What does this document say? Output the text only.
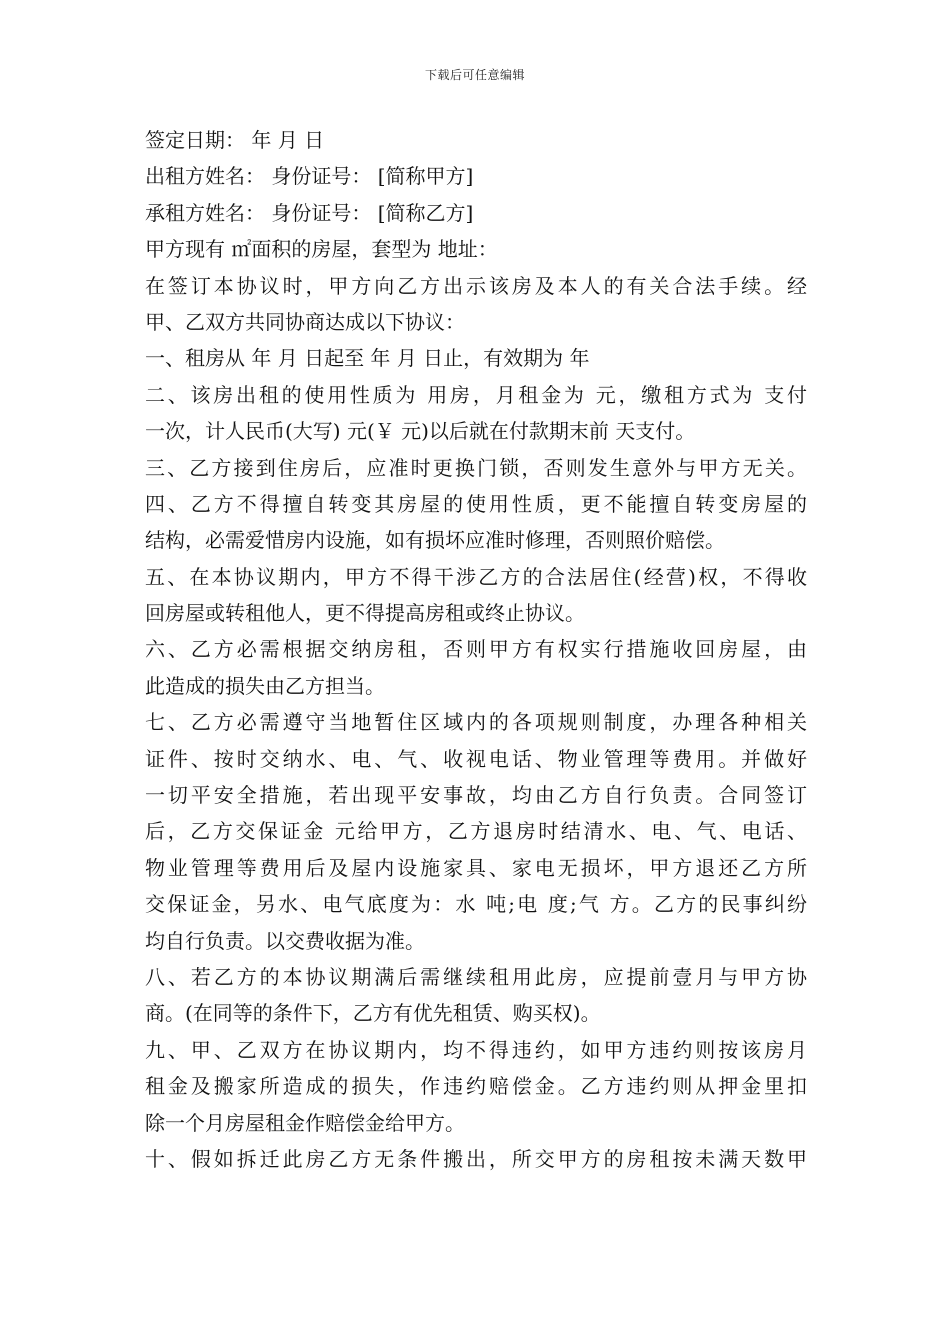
下载后可任意编辑
签定日期： 年 月 日
出租方姓名： 身份证号： [简称甲方]
承租方姓名： 身份证号： [简称乙方]
甲方现有 ㎡面积的房屋，套型为 地址：
在签订本协议时，甲方向乙方出示该房及本人的有关合法手续。经
甲、乙双方共同协商达成以下协议：
一、租房从 年 月 日起至 年 月 日止，有效期为 年
二、该房出租的使用性质为 用房，月租金为 元，缴租方式为 支付
一次，计人民币(大写) 元(￥ 元)以后就在付款期末前 天支付。
三、乙方接到住房后，应准时更换门锁，否则发生意外与甲方无关。
四、乙方不得擅自转变其房屋的使用性质，更不能擅自转变房屋的
结构，必需爱惜房内设施，如有损坏应准时修理，否则照价赔偿。
五、在本协议期内，甲方不得干涉乙方的合法居住(经营)权，不得收
回房屋或转租他人，更不得提高房租或终止协议。
六、乙方必需根据交纳房租，否则甲方有权实行措施收回房屋，由
此造成的损失由乙方担当。
七、乙方必需遵守当地暂住区域内的各项规则制度，办理各种相关
证件、按时交纳水、电、气、收视电话、物业管理等费用。并做好
一切平安全措施，若出现平安事故，均由乙方自行负责。合同签订
后，乙方交保证金 元给甲方，乙方退房时结清水、电、气、电话、
物业管理等费用后及屋内设施家具、家电无损坏，甲方退还乙方所
交保证金，另水、电气底度为：水 吨;电 度;气 方。乙方的民事纠纷
均自行负责。以交费收据为准。
八、若乙方的本协议期满后需继续租用此房，应提前壹月与甲方协
商。(在同等的条件下，乙方有优先租赁、购买权)。
九、甲、乙双方在协议期内，均不得违约，如甲方违约则按该房月
租金及搬家所造成的损失，作违约赔偿金。乙方违约则从押金里扣
除一个月房屋租金作赔偿金给甲方。
十、假如拆迁此房乙方无条件搬出，所交甲方的房租按未满天数甲
